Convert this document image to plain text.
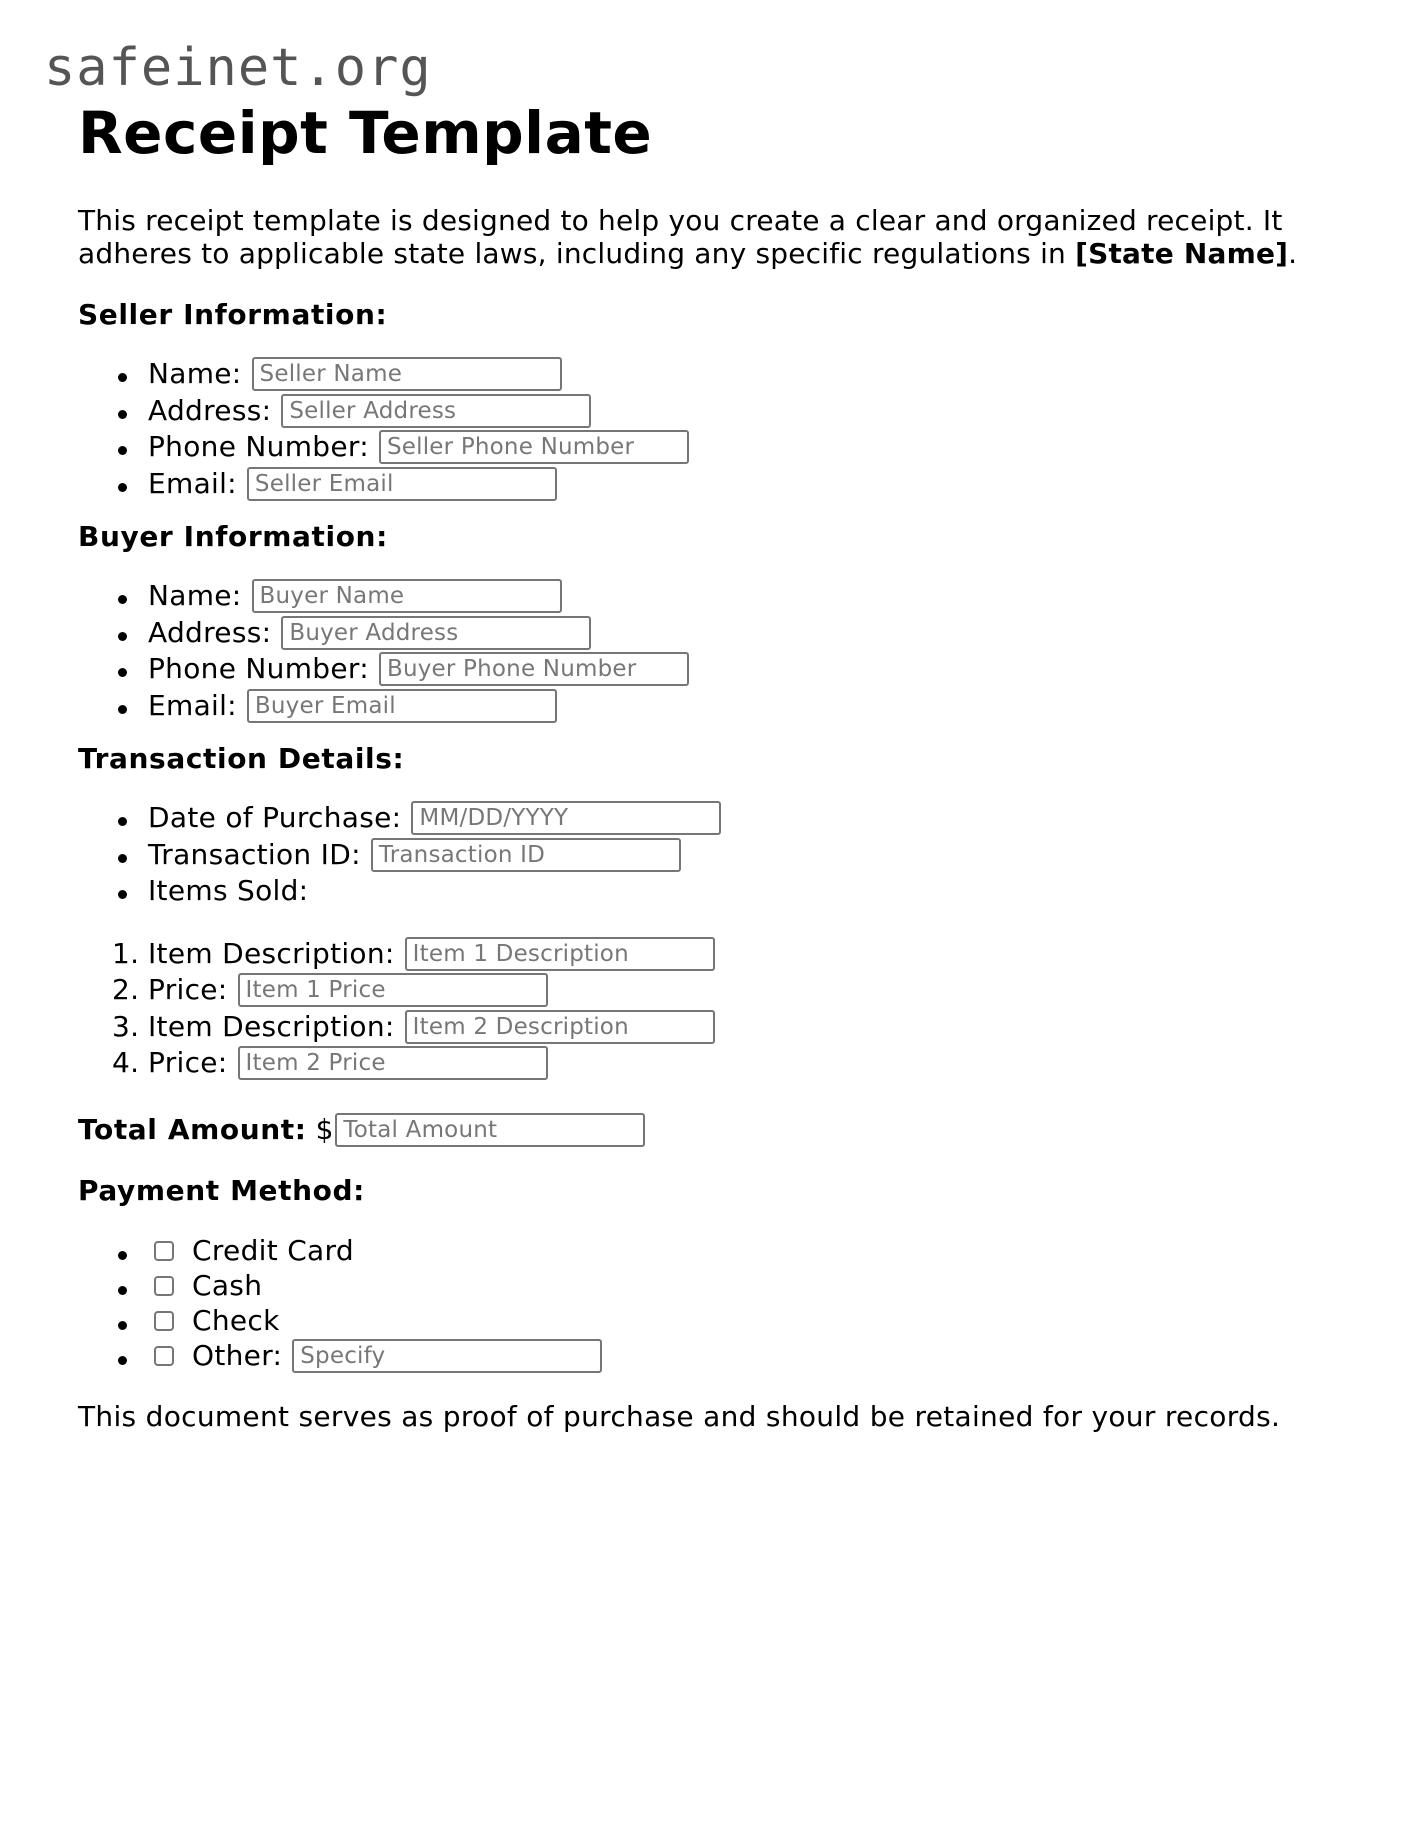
safeinet.org
Receipt Template

This receipt template is designed to help you create a clear and organized receipt. It adheres to applicable state laws, including any specific regulations in [State Name].

Seller Information:
Name: Seller Name
Address: Seller Address
Phone Number: Seller Phone Number
Email: Seller Email
Buyer Information:
Name: Buyer Name
Address: Buyer Address
Phone Number: Buyer Phone Number
Email: Buyer Email
Transaction Details:
Date of Purchase: MM/DD/YYYY
Transaction ID: Transaction ID
Items Sold:
1. Item Description: Item 1 Description
2. Price: Item 1 Price
3. Item Description: Item 2 Description
4. Price: Item 2 Price
Total Amount: $ Total Amount
Payment Method:
Credit Card
Cash
Check
Other: Specify

This document serves as proof of purchase and should be retained for your records.
